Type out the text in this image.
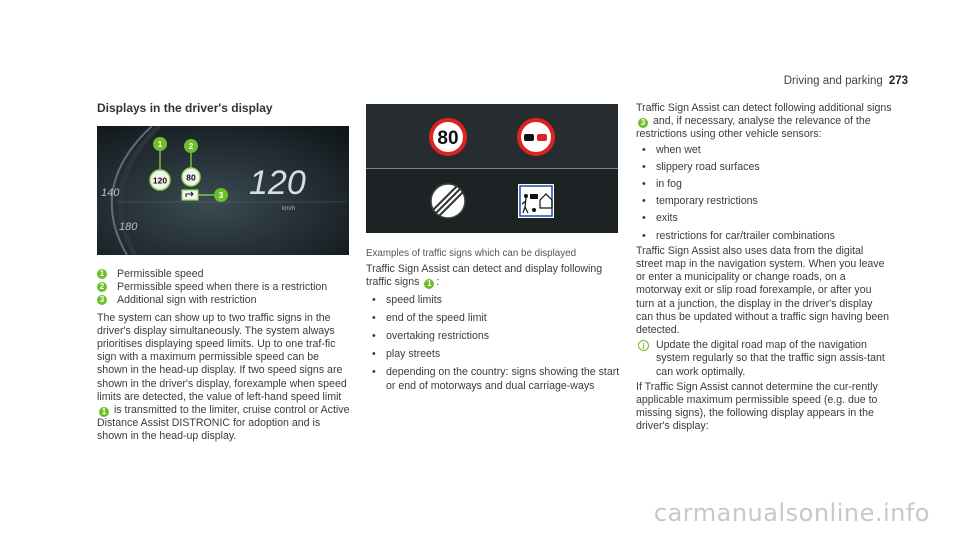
Driving and parking 273
Displays in the driver's display
140
180
120 80
1	2
3 120
km/h
1 Permissible speed
2 Permissible speed when there is a restriction
3 Additional sign with restriction

The system can show up to two traffic signs in the driver's display simultaneously. The system always prioritises displaying speed limits. Up to one traf-fic sign with a maximum permissible speed can be shown in the head-up display. If two speed signs are shown in the driver's display, forexample when speed limits are detected, the value of left-hand speed limit 1 is transmitted to the limiter, cruise control or Active Distance Assist DISTRONIC for adoption and is shown in the head-up display.

80

Examples of traffic signs which can be displayed

Traffic Sign Assist can detect and display following traffic signs 1 :

• speed limits
• end of the speed limit
• overtaking restrictions
• play streets
• depending on the country: signs showing the start or end of motorways and dual carriage-ways

Traffic Sign Assist can detect following additional signs 3 and, if necessary, analyse the relevance of the restrictions using other vehicle sensors:

• when wet
• slippery road surfaces
• in fog
• temporary restrictions
• exits
• restrictions for car/trailer combinations

Traffic Sign Assist also uses data from the digital street map in the navigation system. When you leave or enter a municipality or change roads, on a motorway exit or slip road forexample, or after you turn at a junction, the display in the driver's display can thus be updated without a traffic sign having been detected.

i	Update the digital road map of the navigation system regularly so that the traffic sign assis-tant can work optimally.

If Traffic Sign Assist cannot determine the cur-rently applicable maximum permissible speed (e.g. due to missing signs), the following display appears in the driver's display:

carmanualsonline.info
